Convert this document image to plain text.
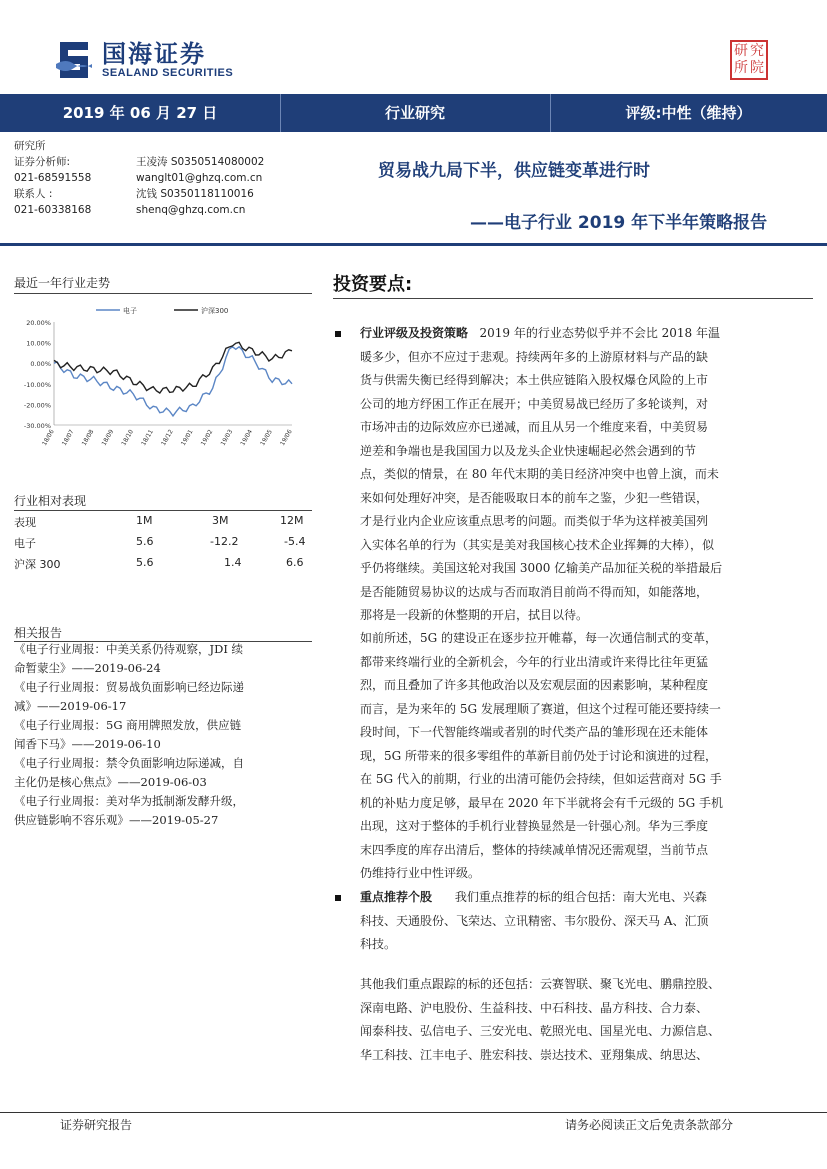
国海证券
SEALAND SECURITIES
研 究
所 院
2019 年 06 月 27 日	行业研究	评级:中性（维持）
研究所
证券分析师:	王凌涛 S0350514080002
021-68591558	wanglt01@ghzq.com.cn
联系人 :	沈钱 S0350118110016
021-60338168	shenq@ghzq.com.cn
贸易战九局下半，供应链变革进行时
——电子行业 2019 年下半年策略报告
最近一年行业走势
电子	沪深300
20.00%
10.00%
0.00%
-10.00%
-20.00%
-30.00%
18/06 18/07 18/08 18/09 18/10 18/11 18/12 19/01 19/02 19/03 19/04 19/05 19/06
行业相对表现
表现	1M	3M	12M
电子	5.6	-12.2	-5.4
沪深 300	5.6	1.4	6.6
相关报告
《电子行业周报：中美关系仍待观察，JDI 续
命暂蒙尘》——2019-06-24
《电子行业周报：贸易战负面影响已经边际递
减》——2019-06-17
《电子行业周报：5G 商用牌照发放，供应链
闻香下马》——2019-06-10
《电子行业周报：禁令负面影响边际递减，自
主化仍是核心焦点》——2019-06-03
《电子行业周报：美对华为抵制渐发酵升级，
供应链影响不容乐观》——2019-05-27
投资要点:
行业评级及投资策略 2019 年的行业态势似乎并不会比 2018 年温
暖多少，但亦不应过于悲观。持续两年多的上游原材料与产品的缺
货与供需失衡已经得到解决；本土供应链陷入股权爆仓风险的上市
公司的地方纾困工作正在展开；中美贸易战已经历了多轮谈判，对
市场冲击的边际效应亦已递减，而且从另一个维度来看，中美贸易
逆差和争端也是我国国力以及龙头企业快速崛起必然会遇到的节
点，类似的情景，在 80 年代末期的美日经济冲突中也曾上演，而未
来如何处理好冲突，是否能吸取日本的前车之鉴，少犯一些错误，
才是行业内企业应该重点思考的问题。而类似于华为这样被美国列
入实体名单的行为（其实是美对我国核心技术企业挥舞的大棒），似
乎仍将继续。美国这轮对我国 3000 亿输美产品加征关税的举措最后
是否能随贸易协议的达成与否而取消目前尚不得而知，如能落地，
那将是一段新的休整期的开启，拭目以待。
如前所述，5G 的建设正在逐步拉开帷幕，每一次通信制式的变革，
都带来终端行业的全新机会，今年的行业出清或许来得比往年更猛
烈，而且叠加了许多其他政治以及宏观层面的因素影响，某种程度
而言，是为来年的 5G 发展理顺了赛道，但这个过程可能还要持续一
段时间，下一代智能终端或者别的时代类产品的雏形现在还未能体
现，5G 所带来的很多零组件的革新目前仍处于讨论和演进的过程，
在 5G 代入的前期，行业的出清可能仍会持续，但如运营商对 5G 手
机的补贴力度足够，最早在 2020 年下半就将会有千元级的 5G 手机
出现，这对于整体的手机行业替换显然是一针强心剂。华为三季度
末四季度的库存出清后，整体的持续减单情况还需观望，当前节点
仍维持行业中性评级。
重点推荐个股 我们重点推荐的标的组合包括：南大光电、兴森
科技、天通股份、飞荣达、立讯精密、韦尔股份、深天马 A、汇顶
科技。
其他我们重点跟踪的标的还包括：云赛智联、聚飞光电、鹏鼎控股、
深南电路、沪电股份、生益科技、中石科技、晶方科技、合力泰、
闻泰科技、弘信电子、三安光电、乾照光电、国星光电、力源信息、
华工科技、江丰电子、胜宏科技、崇达技术、亚翔集成、纳思达、
证券研究报告	请务必阅读正文后免责条款部分
